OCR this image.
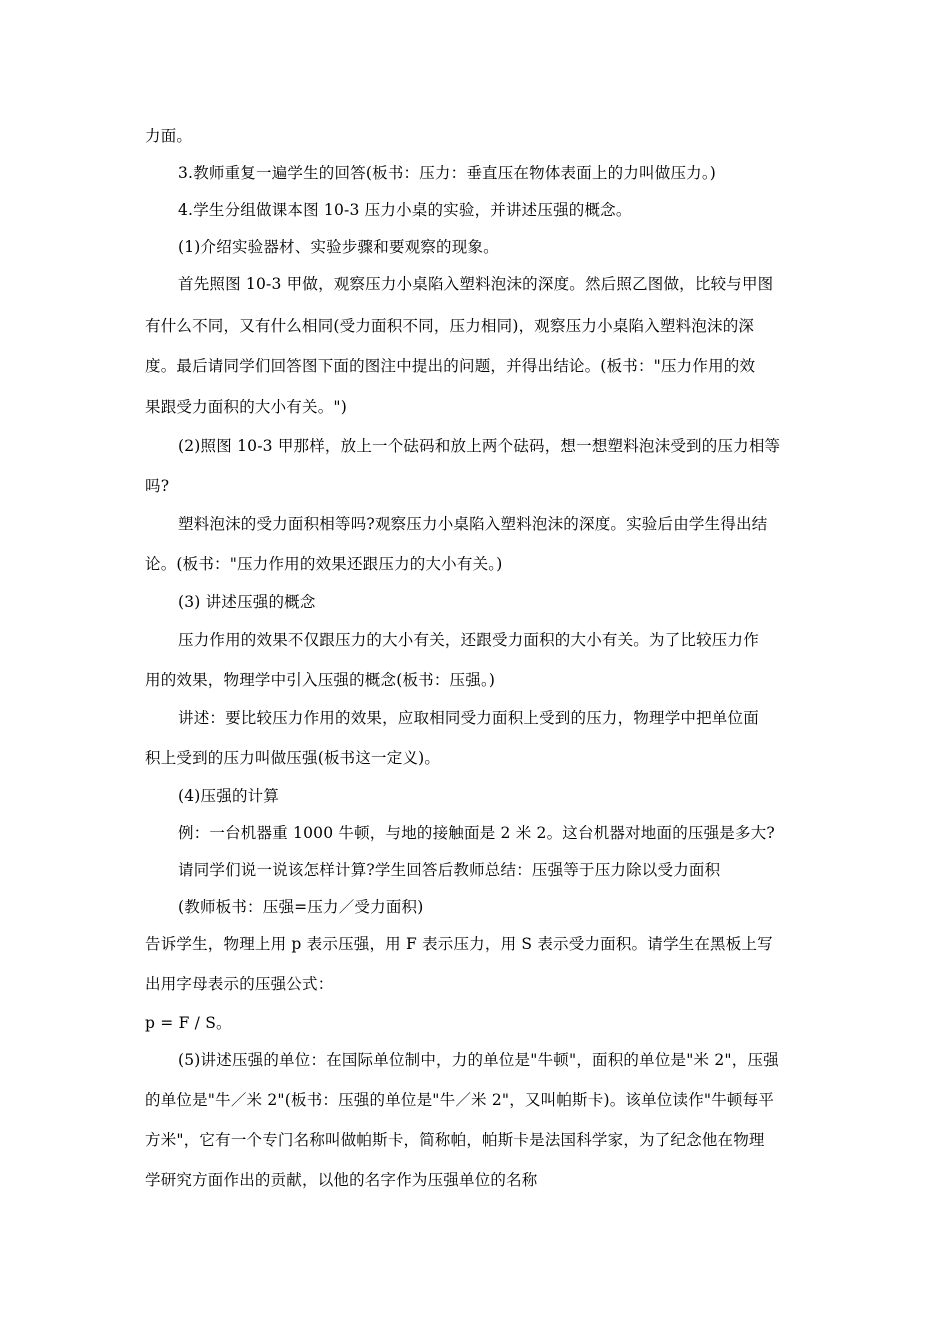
力面。
3.教师重复一遍学生的回答(板书：压力：垂直压在物体表面上的力叫做压力。)
4.学生分组做课本图 10-3 压力小桌的实验，并讲述压强的概念。
(1)介绍实验器材、实验步骤和要观察的现象。
首先照图 10-3 甲做，观察压力小桌陷入塑料泡沫的深度。然后照乙图做，比较与甲图
有什么不同，又有什么相同(受力面积不同，压力相同)，观察压力小桌陷入塑料泡沫的深
度。最后请同学们回答图下面的图注中提出的问题，并得出结论。(板书："压力作用的效
果跟受力面积的大小有关。")
(2)照图 10-3 甲那样，放上一个砝码和放上两个砝码，想一想塑料泡沫受到的压力相等
吗?
塑料泡沫的受力面积相等吗?观察压力小桌陷入塑料泡沫的深度。实验后由学生得出结
论。(板书："压力作用的效果还跟压力的大小有关。)
(3) 讲述压强的概念
压力作用的效果不仅跟压力的大小有关，还跟受力面积的大小有关。为了比较压力作
用的效果，物理学中引入压强的概念(板书：压强。)
讲述：要比较压力作用的效果，应取相同受力面积上受到的压力，物理学中把单位面
积上受到的压力叫做压强(板书这一定义)。
(4)压强的计算
例：一台机器重 1000 牛顿，与地的接触面是 2 米 2。这台机器对地面的压强是多大?
请同学们说一说该怎样计算?学生回答后教师总结：压强等于压力除以受力面积
(教师板书：压强=压力／受力面积)
告诉学生，物理上用 p 表示压强，用 F 表示压力，用 S 表示受力面积。请学生在黑板上写
出用字母表示的压强公式：
p = F / S。
(5)讲述压强的单位：在国际单位制中，力的单位是"牛顿"，面积的单位是"米 2"，压强
的单位是"牛／米 2"(板书：压强的单位是"牛／米 2"，又叫帕斯卡)。该单位读作"牛顿每平
方米"，它有一个专门名称叫做帕斯卡，简称帕，帕斯卡是法国科学家，为了纪念他在物理
学研究方面作出的贡献，以他的名字作为压强单位的名称
